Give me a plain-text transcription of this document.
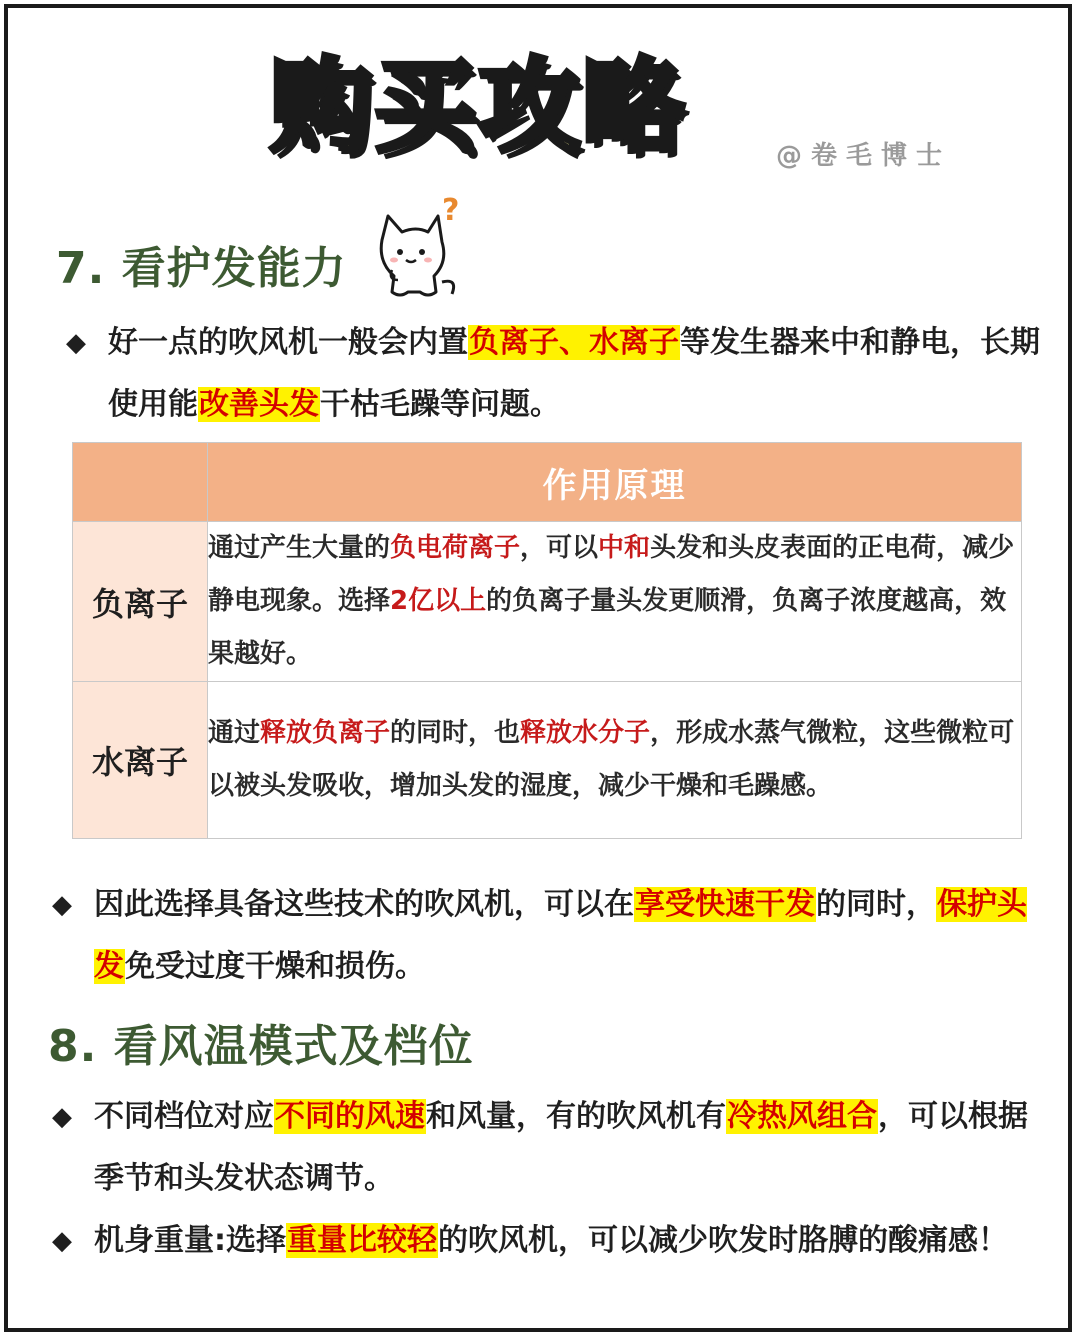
购买攻略	@卷毛博士
7. 看护发能力
?
◆ 好一点的吹风机一般会内置负离子、水离子等发生器来中和静电，长期使用能改善头发干枯毛躁等问题。
	作用原理
负离子	通过产生大量的负电荷离子，可以中和头发和头皮表面的正电荷，减少静电现象。选择2亿以上的负离子量头发更顺滑，负离子浓度越高，效果越好。
水离子	通过释放负离子的同时，也释放水分子，形成水蒸气微粒，这些微粒可以被头发吸收，增加头发的湿度，减少干燥和毛躁感。
◆ 因此选择具备这些技术的吹风机，可以在享受快速干发的同时，保护头发免受过度干燥和损伤。
8. 看风温模式及档位
◆ 不同档位对应不同的风速和风量，有的吹风机有冷热风组合，可以根据季节和头发状态调节。
◆ 机身重量:选择重量比较轻的吹风机，可以减少吹发时胳膊的酸痛感！
